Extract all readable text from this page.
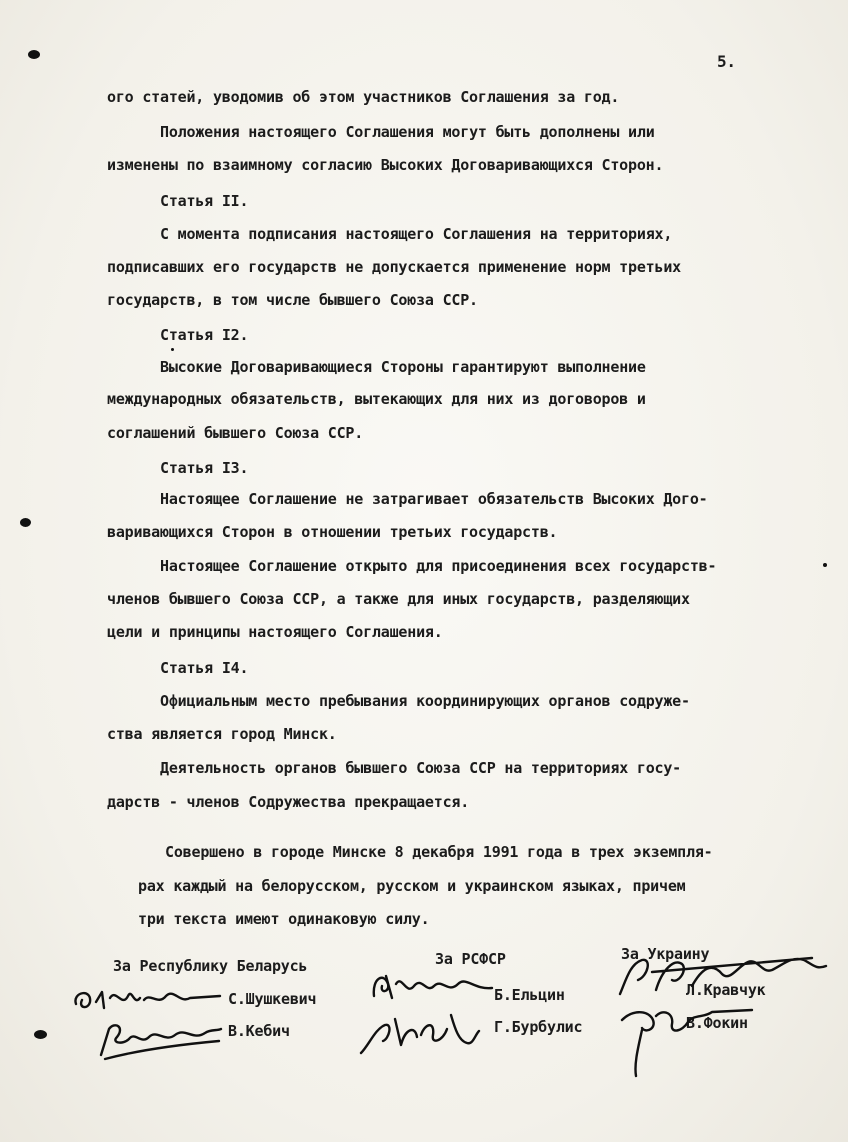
5.
ого статей, уводомив об этом участников Соглашения за год.
Положения настоящего Соглашения могут быть дополнены или
изменены по взаимному согласию Высоких Договаривающихся Сторон.
Статья II.
С момента подписания настоящего Соглашения на территориях,
подписавших его государств не допускается применение норм третьих
государств, в том числе бывшего Союза ССР.
Статья I2.
Высокие Договаривающиеся Стороны гарантируют выполнение
международных обязательств, вытекающих для них из договоров и
соглашений бывшего Союза ССР.
Статья I3.
Настоящее Соглашение не затрагивает обязательств Высоких Дого-
варивающихся Сторон в отношении третьих государств.
Настоящее Соглашение открыто для присоединения всех государств-
членов бывшего Союза ССР, а также для иных государств, разделяющих
цели и принципы настоящего Соглашения.
Статья I4.
Официальным место пребывания координирующих органов содруже-
ства является город Минск.
Деятельность органов бывшего Союза ССР на территориях госу-
дарств - членов Содружества прекращается.
Совершено в городе Минске 8 декабря 1991 года в трех экземпля-
рах каждый на белорусском, русском и украинском языках, причем
три текста имеют одинаковую силу.
За Республику Беларусь	За РСФСР	За Украину
С.Шушкевич
В.Кебич
Б.Ельцин
Г.Бурбулис
Л.Кравчук
В.Фокин
